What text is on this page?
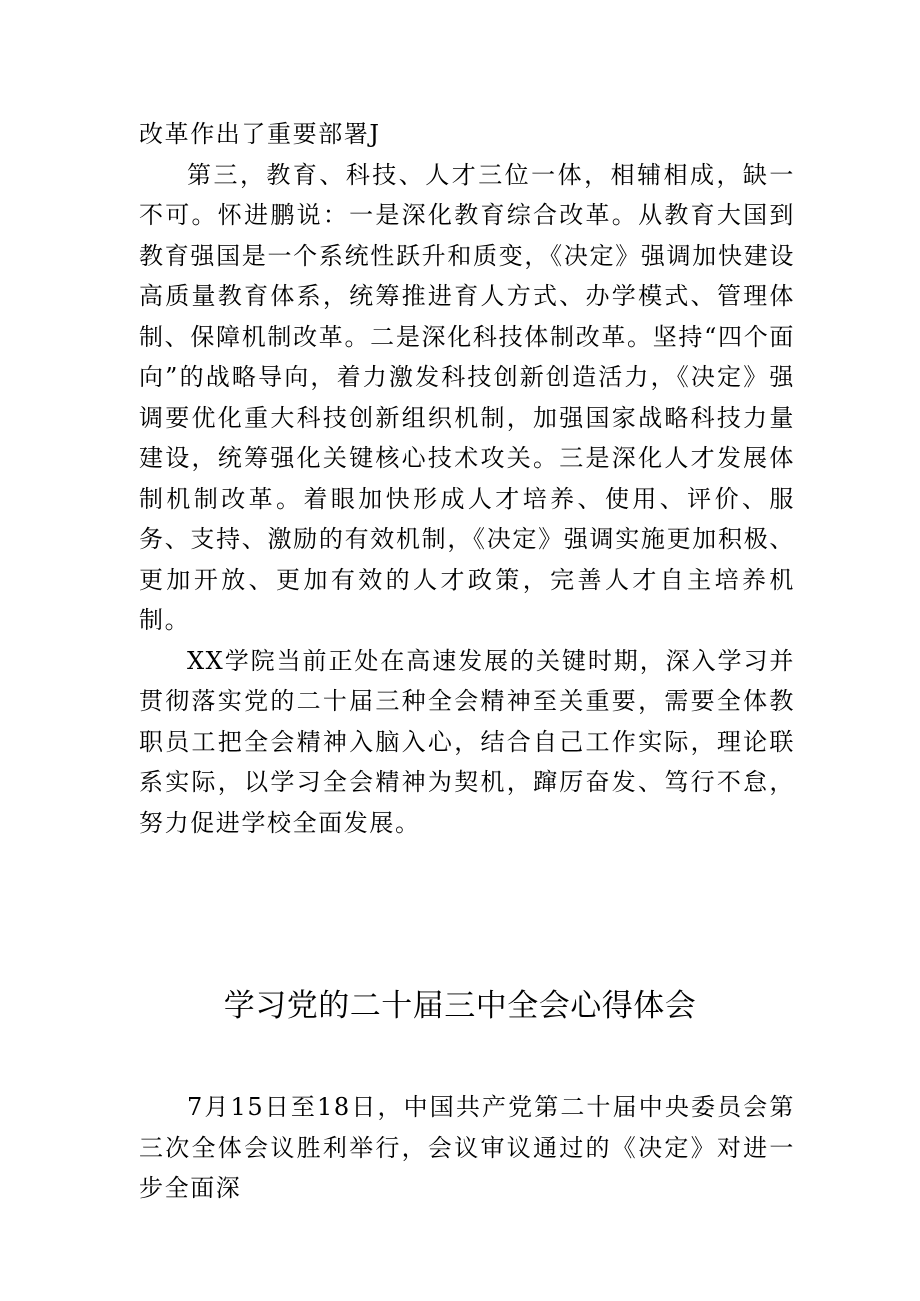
改革作出了重要部署J

第三，教育、科技、人才三位一体，相辅相成，缺一不可。怀进鹏说：一是深化教育综合改革。从教育大国到教育强国是一个系统性跃升和质变，《决定》强调加快建设高质量教育体系，统筹推进育人方式、办学模式、管理体制、保障机制改革。二是深化科技体制改革。坚持“四个面向”的战略导向，着力激发科技创新创造活力，《决定》强调要优化重大科技创新组织机制，加强国家战略科技力量建设，统筹强化关键核心技术攻关。三是深化人才发展体制机制改革。着眼加快形成人才培养、使用、评价、服务、支持、激励的有效机制，《决定》强调实施更加积极、更加开放、更加有效的人才政策，完善人才自主培养机制。

XX学院当前正处在高速发展的关键时期，深入学习并贯彻落实党的二十届三种全会精神至关重要，需要全体教职员工把全会精神入脑入心，结合自己工作实际，理论联系实际，以学习全会精神为契机，蹿厉奋发、笃行不怠，努力促进学校全面发展。

学习党的二十届三中全会心得体会

7月15日至18日，中国共产党第二十届中央委员会第三次全体会议胜利举行，会议审议通过的《决定》对进一步全面深
